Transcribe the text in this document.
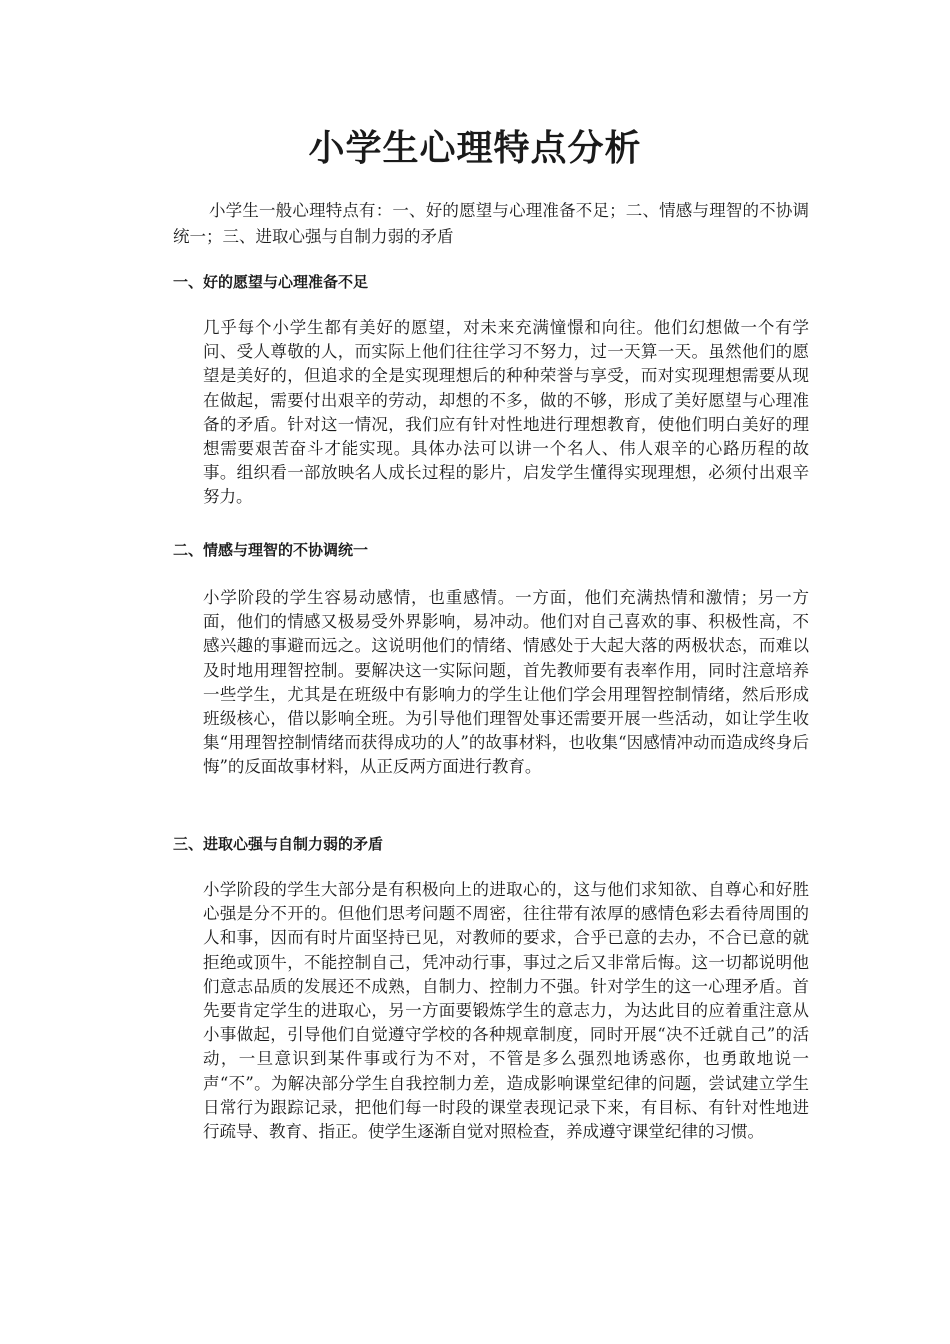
小学生心理特点分析

小学生一般心理特点有：一、好的愿望与心理准备不足；二、情感与理智的不协调统一；三、进取心强与自制力弱的矛盾

一、好的愿望与心理准备不足

几乎每个小学生都有美好的愿望，对未来充满憧憬和向往。他们幻想做一个有学问、受人尊敬的人，而实际上他们往往学习不努力，过一天算一天。虽然他们的愿望是美好的，但追求的全是实现理想后的种种荣誉与享受，而对实现理想需要从现在做起，需要付出艰辛的劳动，却想的不多，做的不够，形成了美好愿望与心理准备的矛盾。针对这一情况，我们应有针对性地进行理想教育，使他们明白美好的理想需要艰苦奋斗才能实现。具体办法可以讲一个名人、伟人艰辛的心路历程的故事。组织看一部放映名人成长过程的影片，启发学生懂得实现理想，必须付出艰辛努力。

二、情感与理智的不协调统一

小学阶段的学生容易动感情，也重感情。一方面，他们充满热情和激情；另一方面，他们的情感又极易受外界影响，易冲动。他们对自己喜欢的事、积极性高，不感兴趣的事避而远之。这说明他们的情绪、情感处于大起大落的两极状态，而难以及时地用理智控制。要解决这一实际问题，首先教师要有表率作用，同时注意培养一些学生，尤其是在班级中有影响力的学生让他们学会用理智控制情绪，然后形成班级核心，借以影响全班。为引导他们理智处事还需要开展一些活动，如让学生收集“用理智控制情绪而获得成功的人”的故事材料，也收集“因感情冲动而造成终身后悔”的反面故事材料，从正反两方面进行教育。

三、进取心强与自制力弱的矛盾

小学阶段的学生大部分是有积极向上的进取心的，这与他们求知欲、自尊心和好胜心强是分不开的。但他们思考问题不周密，往往带有浓厚的感情色彩去看待周围的人和事，因而有时片面坚持已见，对教师的要求，合乎已意的去办，不合已意的就拒绝或顶牛，不能控制自己，凭冲动行事，事过之后又非常后悔。这一切都说明他们意志品质的发展还不成熟，自制力、控制力不强。针对学生的这一心理矛盾。首先要肯定学生的进取心，另一方面要锻炼学生的意志力，为达此目的应着重注意从小事做起，引导他们自觉遵守学校的各种规章制度，同时开展“决不迁就自己”的活动，一旦意识到某件事或行为不对，不管是多么强烈地诱惑你，也勇敢地说一声“不”。为解决部分学生自我控制力差，造成影响课堂纪律的问题，尝试建立学生日常行为跟踪记录，把他们每一时段的课堂表现记录下来，有目标、有针对性地进行疏导、教育、指正。使学生逐渐自觉对照检查，养成遵守课堂纪律的习惯。
